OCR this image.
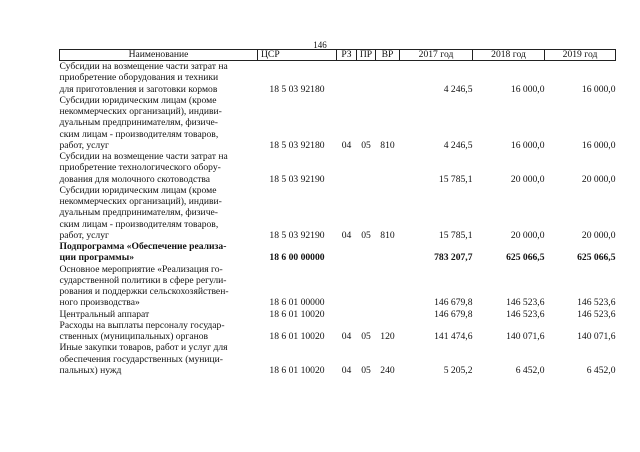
146
Наименование	ЦСР	РЗ	ПР	ВР	2017 год	2018 год	2019 год

Субсидии на возмещение части затрат на
приобретение оборудования и техники
для приготовления и заготовки кормов	18 5 03 92180				4 246,5	16 000,0	16 000,0

Субсидии юридическим лицам (кроме
некоммерческих организаций), индиви-
дуальным предпринимателям, физиче-
ским лицам - производителям товаров,
работ, услуг	18 5 03 92180	04	05	810	4 246,5	16 000,0	16 000,0

Субсидии на возмещение части затрат на
приобретение технологического обору-
дования для молочного скотоводства	18 5 03 92190				15 785,1	20 000,0	20 000,0

Субсидии юридическим лицам (кроме
некоммерческих организаций), индиви-
дуальным предпринимателям, физиче-
ским лицам - производителям товаров,
работ, услуг	18 5 03 92190	04	05	810	15 785,1	20 000,0	20 000,0

Подпрограмма «Обеспечение реализа-
ции программы»	18 6 00 00000				783 207,7	625 066,5	625 066,5

Основное мероприятие «Реализация го-
сударственной политики в сфере регули-
рования и поддержки сельскохозяйствен-
ного производства»	18 6 01 00000				146 679,8	146 523,6	146 523,6

Центральный аппарат	18 6 01 10020				146 679,8	146 523,6	146 523,6

Расходы на выплаты персоналу государ-
ственных (муниципальных) органов	18 6 01 10020	04	05	120	141 474,6	140 071,6	140 071,6

Иные закупки товаров, работ и услуг для
обеспечения государственных (муници-
пальных) нужд	18 6 01 10020	04	05	240	5 205,2	6 452,0	6 452,0
